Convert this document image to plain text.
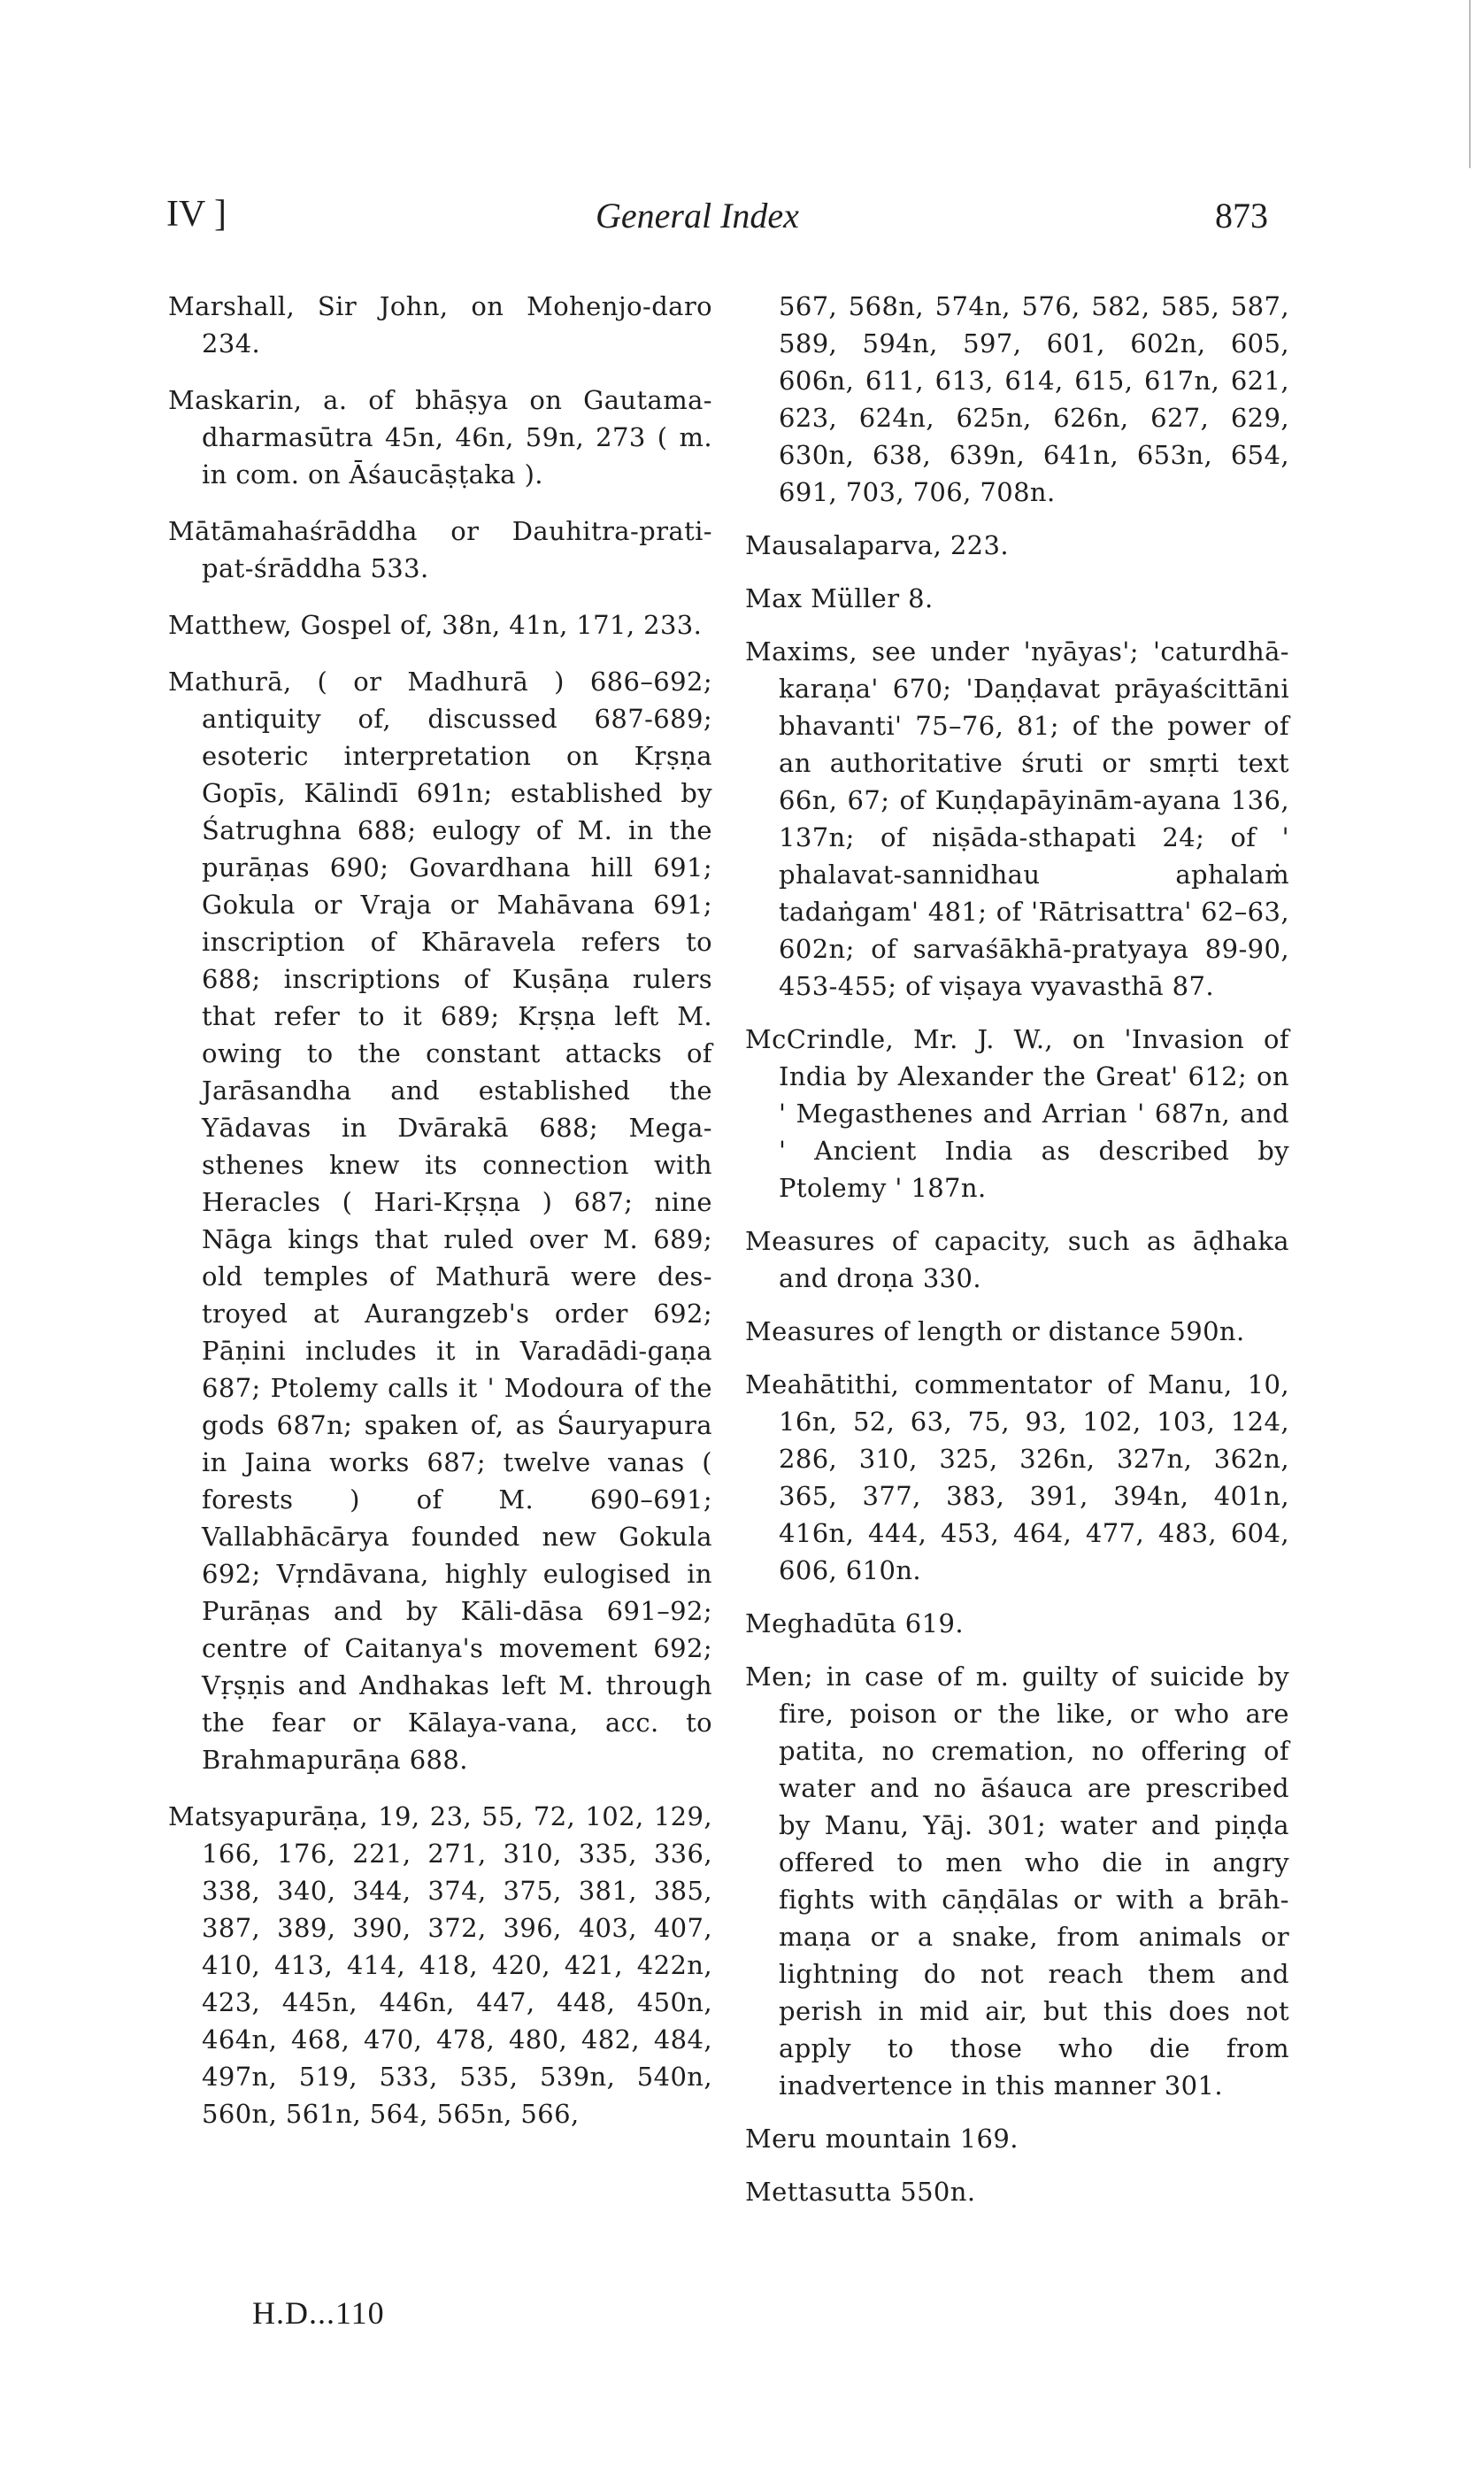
IV ]	General Index	873

Marshall, Sir John, on Mohenjo-daro 234.

Maskarin, a. of bhāṣya on Gautama-dharmasūtra 45n, 46n, 59n, 273 ( m. in com. on Āśaucāṣṭaka ).

Mātāmahaśrāddha or Dauhitra-prati-pat-śrāddha 533.

Matthew, Gospel of, 38n, 41n, 171, 233.

Mathurā, ( or Madhurā ) 686–692; antiquity of, discussed 687-689; esoteric interpretation on Kṛṣṇa Gopīs, Kālindī 691n; established by Śatrughna 688; eulogy of M. in the purāṇas 690; Govardhana hill 691; Gokula or Vraja or Mahāvana 691; inscription of Khāravela refers to 688; inscriptions of Kuṣāṇa rulers that refer to it 689; Kṛṣṇa left M. owing to the constant attacks of Jarāsandha and established the Yādavas in Dvārakā 688; Mega-sthenes knew its connection with Heracles ( Hari-Kṛṣṇa ) 687; nine Nāga kings that ruled over M. 689; old temples of Mathurā were des-troyed at Aurangzeb's order 692; Pāṇini includes it in Varadādi-gaṇa 687; Ptolemy calls it ' Modoura of the gods 687n; spaken of, as Śauryapura in Jaina works 687; twelve vanas ( forests ) of M. 690–691; Vallabhācārya founded new Gokula 692; Vṛndāvana, highly eulogised in Purāṇas and by Kāli-dāsa 691–92; centre of Caitanya's movement 692; Vṛṣṇis and Andhakas left M. through the fear or Kālaya-vana, acc. to Brahmapurāṇa 688.

Matsyapurāṇa, 19, 23, 55, 72, 102, 129, 166, 176, 221, 271, 310, 335, 336, 338, 340, 344, 374, 375, 381, 385, 387, 389, 390, 372, 396, 403, 407, 410, 413, 414, 418, 420, 421, 422n, 423, 445n, 446n, 447, 448, 450n, 464n, 468, 470, 478, 480, 482, 484, 497n, 519, 533, 535, 539n, 540n, 560n, 561n, 564, 565n, 566,

567, 568n, 574n, 576, 582, 585, 587, 589, 594n, 597, 601, 602n, 605, 606n, 611, 613, 614, 615, 617n, 621, 623, 624n, 625n, 626n, 627, 629, 630n, 638, 639n, 641n, 653n, 654, 691, 703, 706, 708n.

Mausalaparva, 223.

Max Müller 8.

Maxims, see under 'nyāyas'; 'caturdhā-karaṇa' 670; 'Daṇḍavat prāyaścittāni bhavanti' 75–76, 81; of the power of an authoritative śruti or smṛti text 66n, 67; of Kuṇḍapāyinām-ayana 136, 137n; of niṣāda-sthapati 24; of ' phalavat-sannidhau aphalaṁ tadaṅgam' 481; of 'Rātrisattra' 62–63, 602n; of sarvaśākhā-pratyaya 89-90, 453-455; of viṣaya vyavasthā 87.

McCrindle, Mr. J. W., on 'Invasion of India by Alexander the Great' 612; on ' Megasthenes and Arrian ' 687n, and ' Ancient India as described by Ptolemy ' 187n.

Measures of capacity, such as āḍhaka and droṇa 330.

Measures of length or distance 590n.

Meahātithi, commentator of Manu, 10, 16n, 52, 63, 75, 93, 102, 103, 124, 286, 310, 325, 326n, 327n, 362n, 365, 377, 383, 391, 394n, 401n, 416n, 444, 453, 464, 477, 483, 604, 606, 610n.

Meghadūta 619.

Men; in case of m. guilty of suicide by fire, poison or the like, or who are patita, no cremation, no offering of water and no āśauca are prescribed by Manu, Yāj. 301; water and piṇḍa offered to men who die in angry fights with cāṇḍālas or with a brāh-maṇa or a snake, from animals or lightning do not reach them and perish in mid air, but this does not apply to those who die from inadvertence in this manner 301.

Meru mountain 169.

Mettasutta 550n.

H.D...110
